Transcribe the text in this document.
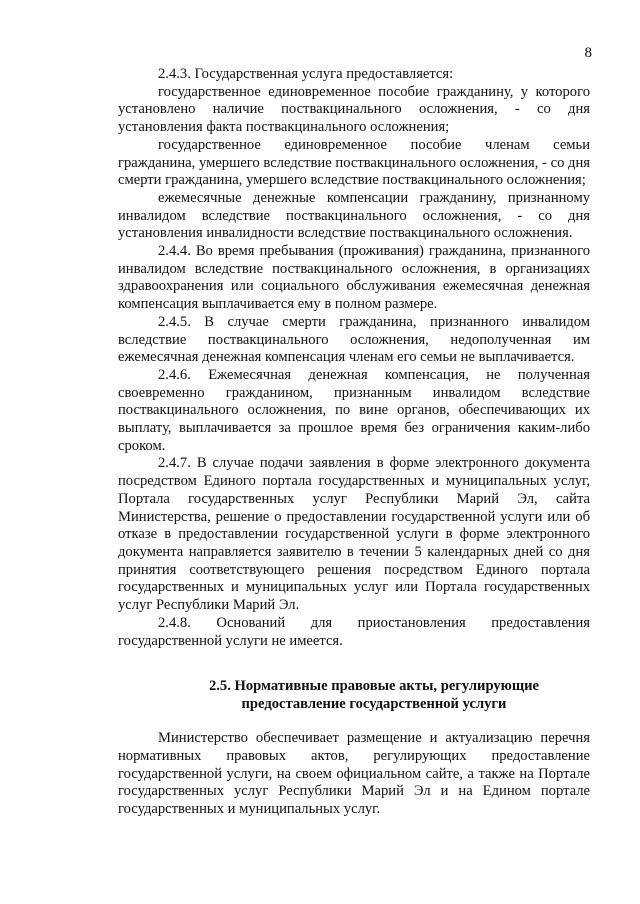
8

2.4.3. Государственная услуга предоставляется:

государственное единовременное пособие гражданину, у которого установлено наличие поствакцинального осложнения, - со дня установления факта поствакцинального осложнения;

государственное единовременное пособие членам семьи гражданина, умершего вследствие поствакцинального осложнения, - со дня смерти гражданина, умершего вследствие поствакцинального осложнения;

ежемесячные денежные компенсации гражданину, признанному инвалидом вследствие поствакцинального осложнения, - со дня установления инвалидности вследствие поствакцинального осложнения.

2.4.4. Во время пребывания (проживания) гражданина, признанного инвалидом вследствие поствакцинального осложнения, в организациях здравоохранения или социального обслуживания ежемесячная денежная компенсация выплачивается ему в полном размере.

2.4.5. В случае смерти гражданина, признанного инвалидом вследствие поствакцинального осложнения, недополученная им ежемесячная денежная компенсация членам его семьи не выплачивается.

2.4.6. Ежемесячная денежная компенсация, не полученная своевременно гражданином, признанным инвалидом вследствие поствакцинального осложнения, по вине органов, обеспечивающих их выплату, выплачивается за прошлое время без ограничения каким-либо сроком.

2.4.7. В случае подачи заявления в форме электронного документа посредством Единого портала государственных и муниципальных услуг, Портала государственных услуг Республики Марий Эл, сайта Министерства, решение о предоставлении государственной услуги или об отказе в предоставлении государственной услуги в форме электронного документа направляется заявителю в течении 5 календарных дней со дня принятия соответствующего решения посредством Единого портала государственных и муниципальных услуг или Портала государственных услуг Республики Марий Эл.

2.4.8. Оснований для приостановления предоставления государственной услуги не имеется.

2.5. Нормативные правовые акты, регулирующие
предоставление государственной услуги

Министерство обеспечивает размещение и актуализацию перечня нормативных правовых актов, регулирующих предоставление государственной услуги, на своем официальном сайте, а также на Портале государственных услуг Республики Марий Эл и на Едином портале государственных и муниципальных услуг.
